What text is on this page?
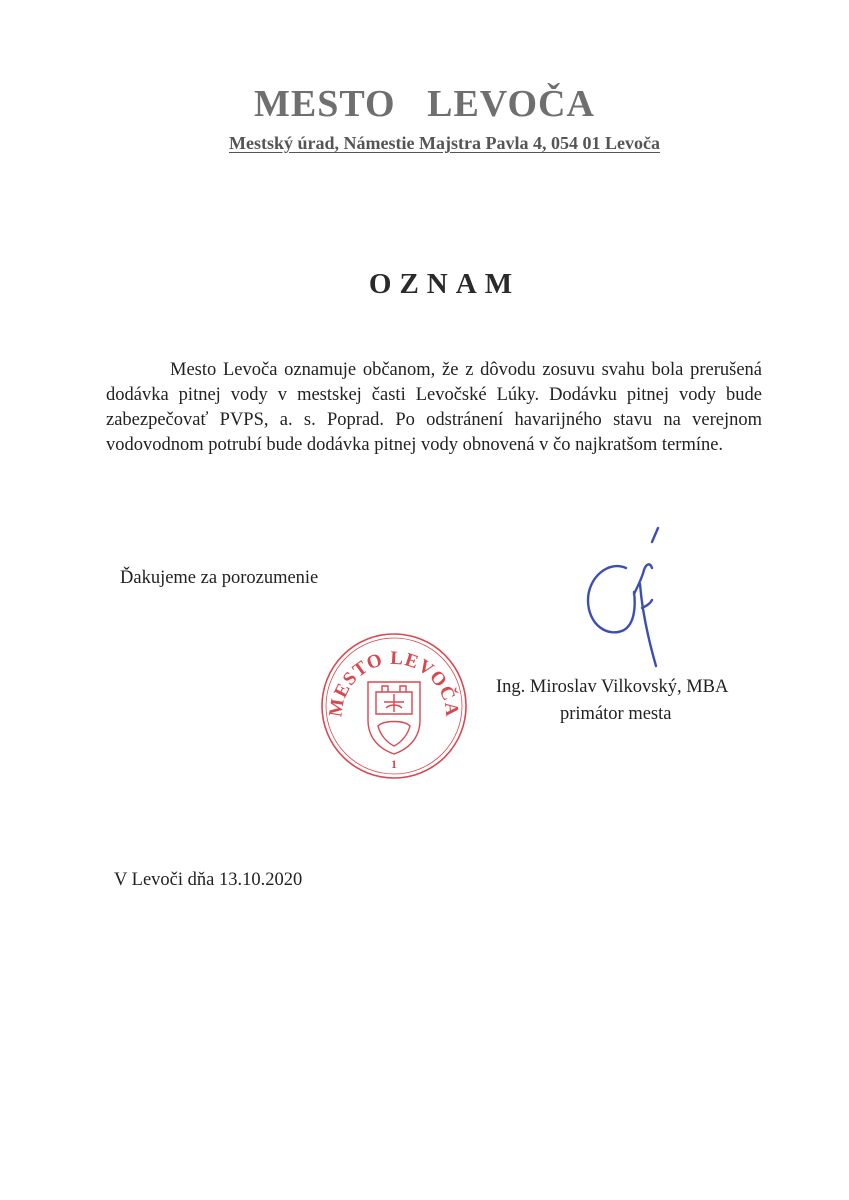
MESTO   LEVOČA
Mestský úrad, Námestie Majstra Pavla 4, 054 01 Levoča
OZNAM

Mesto Levoča oznamuje občanom, že z dôvodu zosuvu svahu bola prerušená dodávka pitnej vody v mestskej časti Levočské Lúky. Dodávku pitnej vody bude zabezpečovať PVPS, a. s. Poprad. Po odstránení havarijného stavu na verejnom vodovodnom potrubí bude dodávka pitnej vody obnovená v čo najkratšom termíne.

Ďakujeme za porozumenie
MESTO LEVOČA
1
Ing. Miroslav Vilkovský, MBA
primátor mesta
V Levoči dňa 13.10.2020
